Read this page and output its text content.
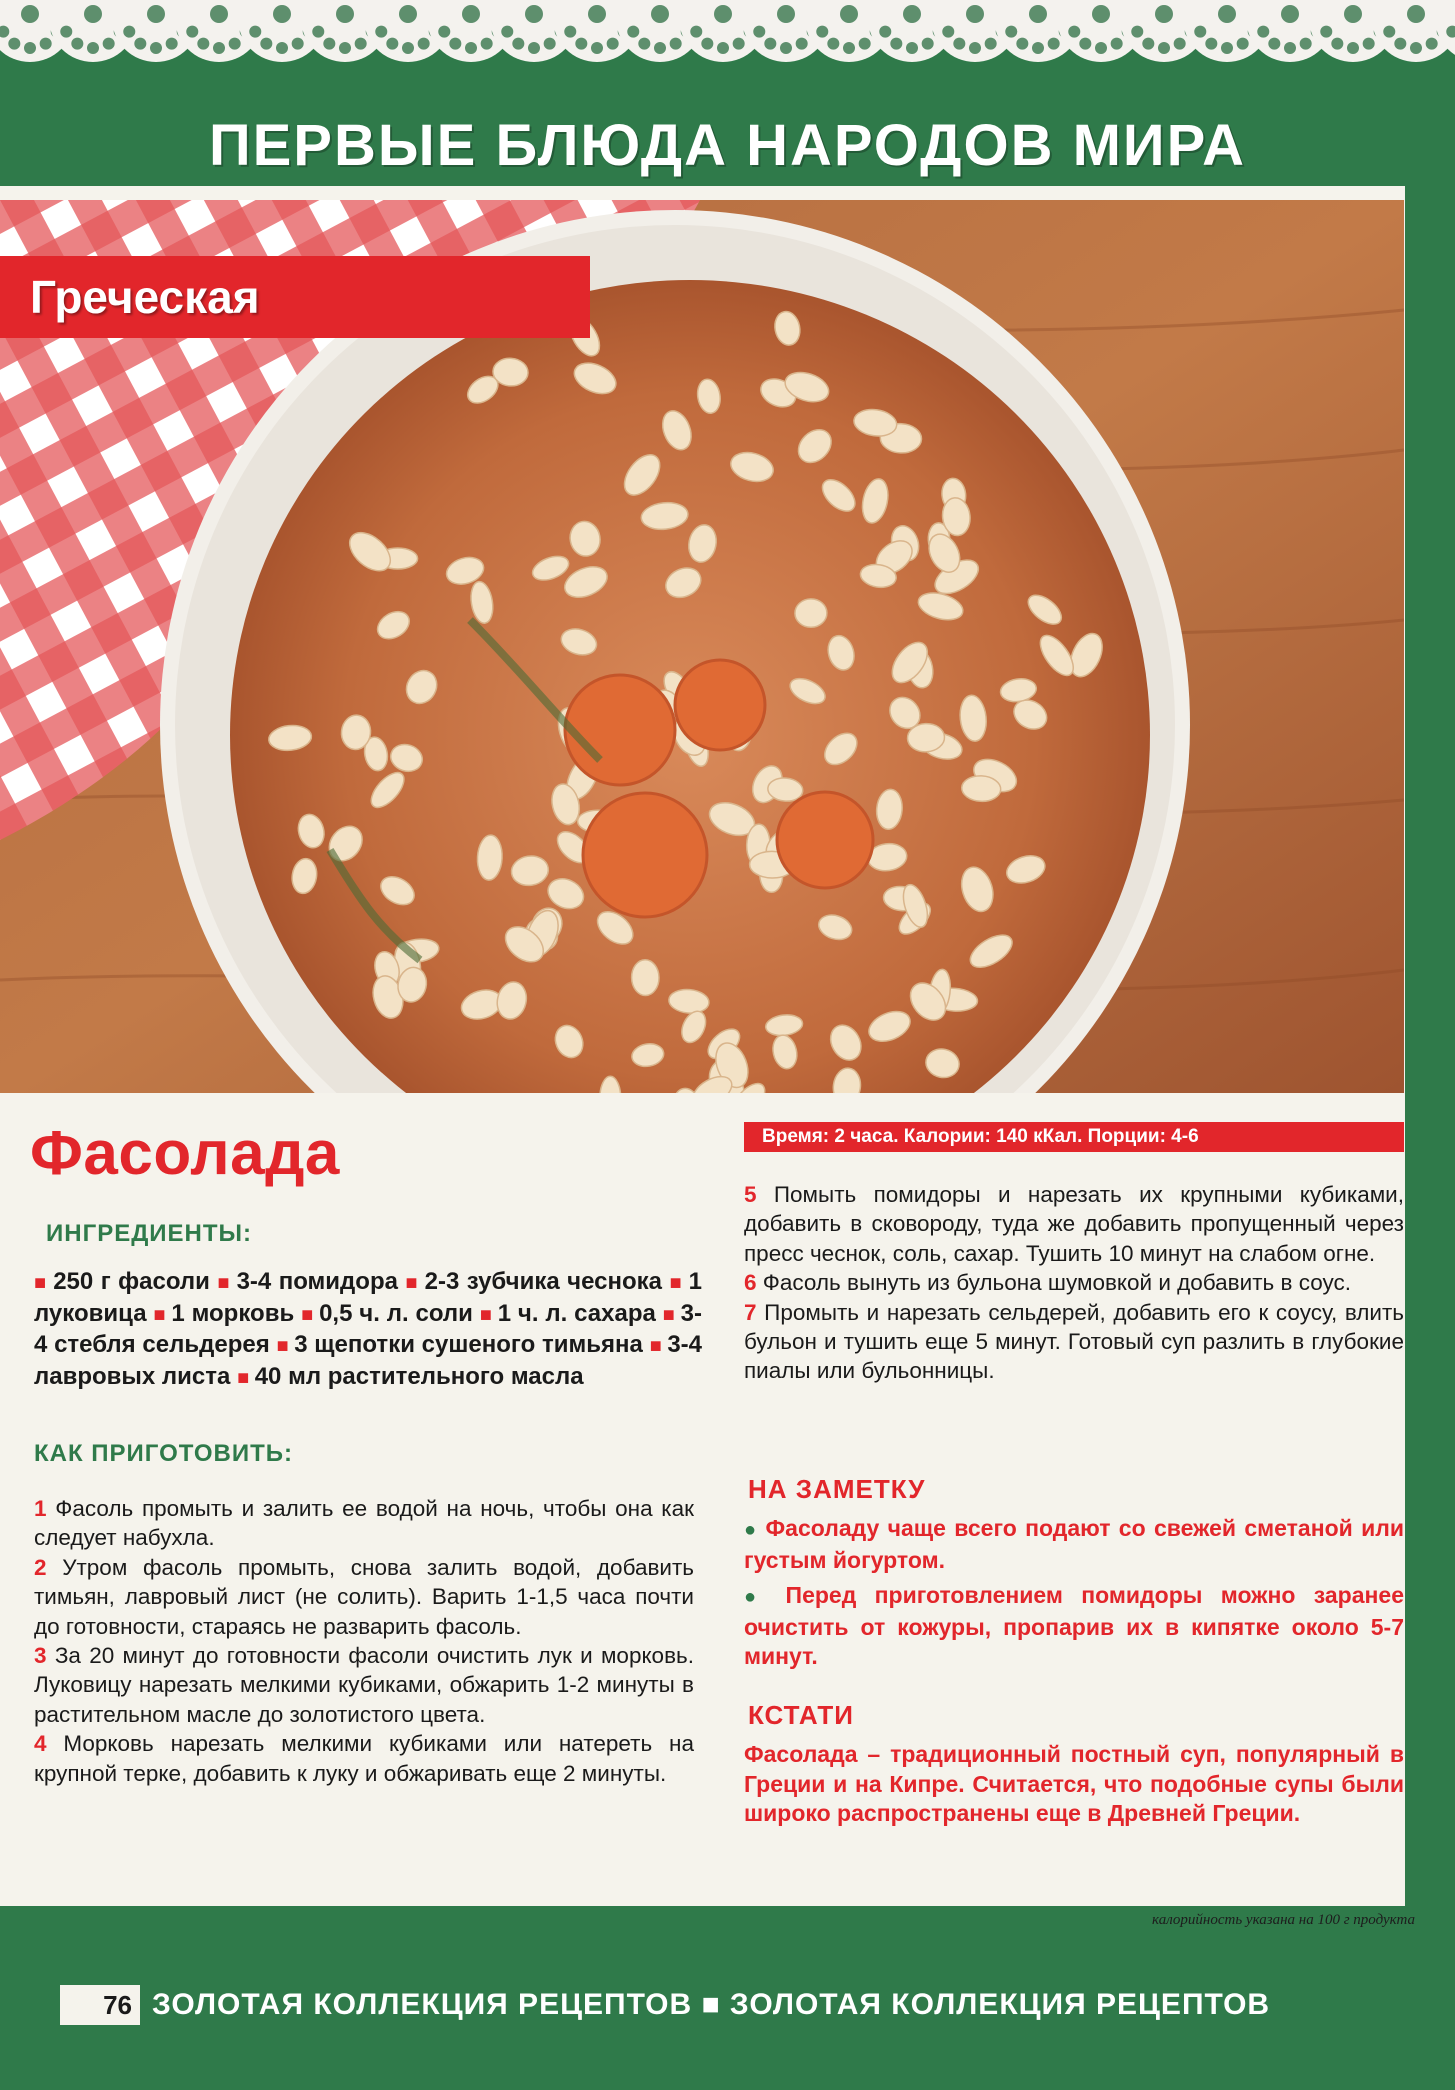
ПЕРВЫЕ БЛЮДА НАРОДОВ МИРА
Греческая
Фасолада
ИНГРЕДИЕНТЫ:
■ 250 г фасоли ■ 3-4 помидора ■ 2-3 зубчика чеснока ■ 1 луковица ■ 1 морковь ■ 0,5 ч. л. соли ■ 1 ч. л. сахара ■ 3-4 стебля сельдерея ■ 3 щепотки сушеного тимьяна ■ 3-4 лавровых листа ■ 40 мл растительного масла
КАК ПРИГОТОВИТЬ:
1 Фасоль промыть и залить ее водой на ночь, чтобы она как следует набухла.
2 Утром фасоль промыть, снова залить водой, добавить тимьян, лавровый лист (не солить). Варить 1-1,5 часа почти до готовности, стараясь не разварить фасоль.
3 За 20 минут до готовности фасоли очистить лук и морковь. Луковицу нарезать мелкими кубиками, обжарить 1-2 минуты в растительном масле до золотистого цвета.
4 Морковь нарезать мелкими кубиками или натереть на крупной терке, добавить к луку и обжаривать еще 2 минуты.
Время: 2 часа. Калории: 140 кКал. Порции: 4-6
5 Помыть помидоры и нарезать их крупными кубиками, добавить в сковороду, туда же добавить пропущенный через пресс чеснок, соль, сахар. Тушить 10 минут на слабом огне.
6 Фасоль вынуть из бульона шумовкой и добавить в соус.
7 Промыть и нарезать сельдерей, добавить его к соусу, влить бульон и тушить еще 5 минут. Готовый суп разлить в глубокие пиалы или бульонницы.
НА ЗАМЕТКУ

● Фасоладу чаще всего подают со свежей сметаной или густым йогуртом.

● Перед приготовлением помидоры можно заранее очистить от кожуры, пропарив их в кипятке около 5-7 минут.

КСТАТИ
Фасолада – традиционный постный суп, популярный в Греции и на Кипре. Считается, что подобные супы были широко распространены еще в Древней Греции.
калорийность указана на 100 г продукта
76 ЗОЛОТАЯ КОЛЛЕКЦИЯ РЕЦЕПТОВ ■ ЗОЛОТАЯ КОЛЛЕКЦИЯ РЕЦЕПТОВ
